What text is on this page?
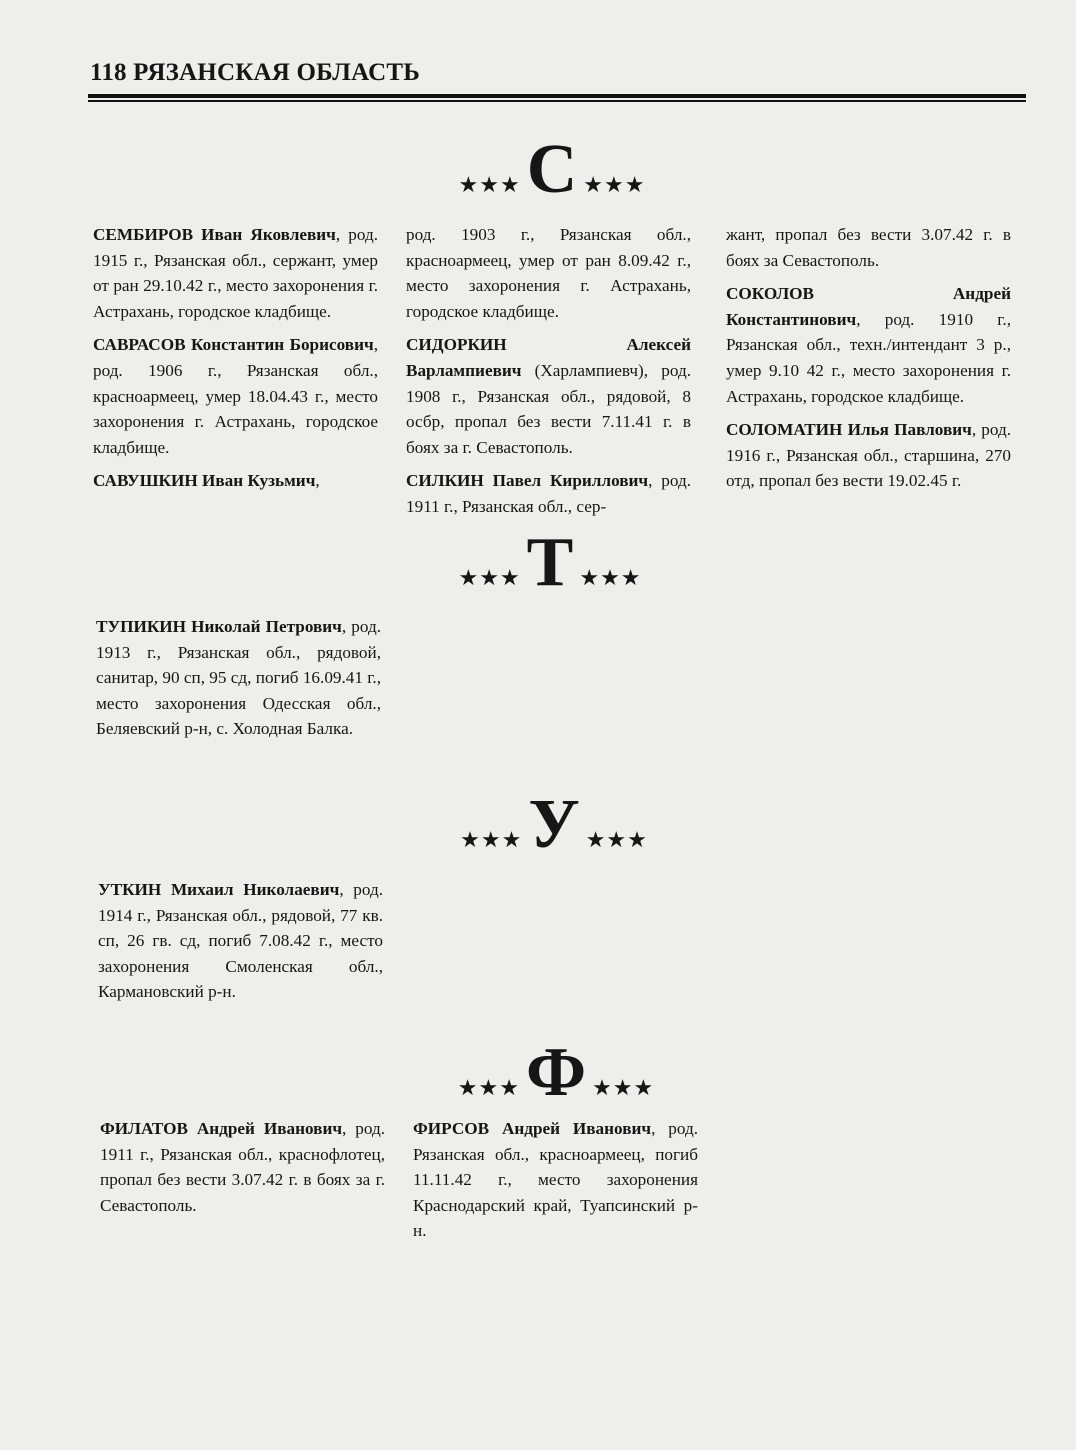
118 РЯЗАНСКАЯ ОБЛАСТЬ
★★★ С ★★★

СЕМБИРОВ Иван Яковлевич, род. 1915 г., Рязанская обл., сержант, умер от ран 29.10.42 г., место захоронения г. Астрахань, городское кладбище.

САВРАСОВ Константин Борисович, род. 1906 г., Рязанская обл., красноармеец, умер 18.04.43 г., место захоронения г. Астрахань, городское кладбище.

САВУШКИН Иван Кузьмич,

род. 1903 г., Рязанская обл., красноармеец, умер от ран 8.09.42 г., место захоронения г. Астрахань, городское кладбище.

СИДОРКИН Алексей Варлампиевич (Харлампиевч), род. 1908 г., Рязанская обл., рядовой, 8 осбр, пропал без вести 7.11.41 г. в боях за г. Севастополь.

СИЛКИН Павел Кириллович, род. 1911 г., Рязанская обл., сер-

жант, пропал без вести 3.07.42 г. в боях за Севастополь.

СОКОЛОВ Андрей Константинович, род. 1910 г., Рязанская обл., техн./интендант 3 р., умер 9.10 42 г., место захоронения г. Астрахань, городское кладбище.

СОЛОМАТИН Илья Павлович, род. 1916 г., Рязанская обл., старшина, 270 отд, пропал без вести 19.02.45 г.

★★★ Т ★★★

ТУПИКИН Николай Петрович, род. 1913 г., Рязанская обл., рядовой, санитар, 90 сп, 95 сд, погиб 16.09.41 г., место захоронения Одесская обл., Беляевский р-н, с. Холодная Балка.

★★★ У ★★★

УТКИН Михаил Николаевич, род. 1914 г., Рязанская обл., рядовой, 77 кв. сп, 26 гв. сд, погиб 7.08.42 г., место захоронения Смоленская обл., Кармановский р-н.

★★★ Ф ★★★

ФИЛАТОВ Андрей Иванович, род. 1911 г., Рязанская обл., краснофлотец, пропал без вести 3.07.42 г. в боях за г. Севастополь.

ФИРСОВ Андрей Иванович, род. Рязанская обл., красноармеец, погиб 11.11.42 г., место захоронения Краснодарский край, Туапсинский р-н.
